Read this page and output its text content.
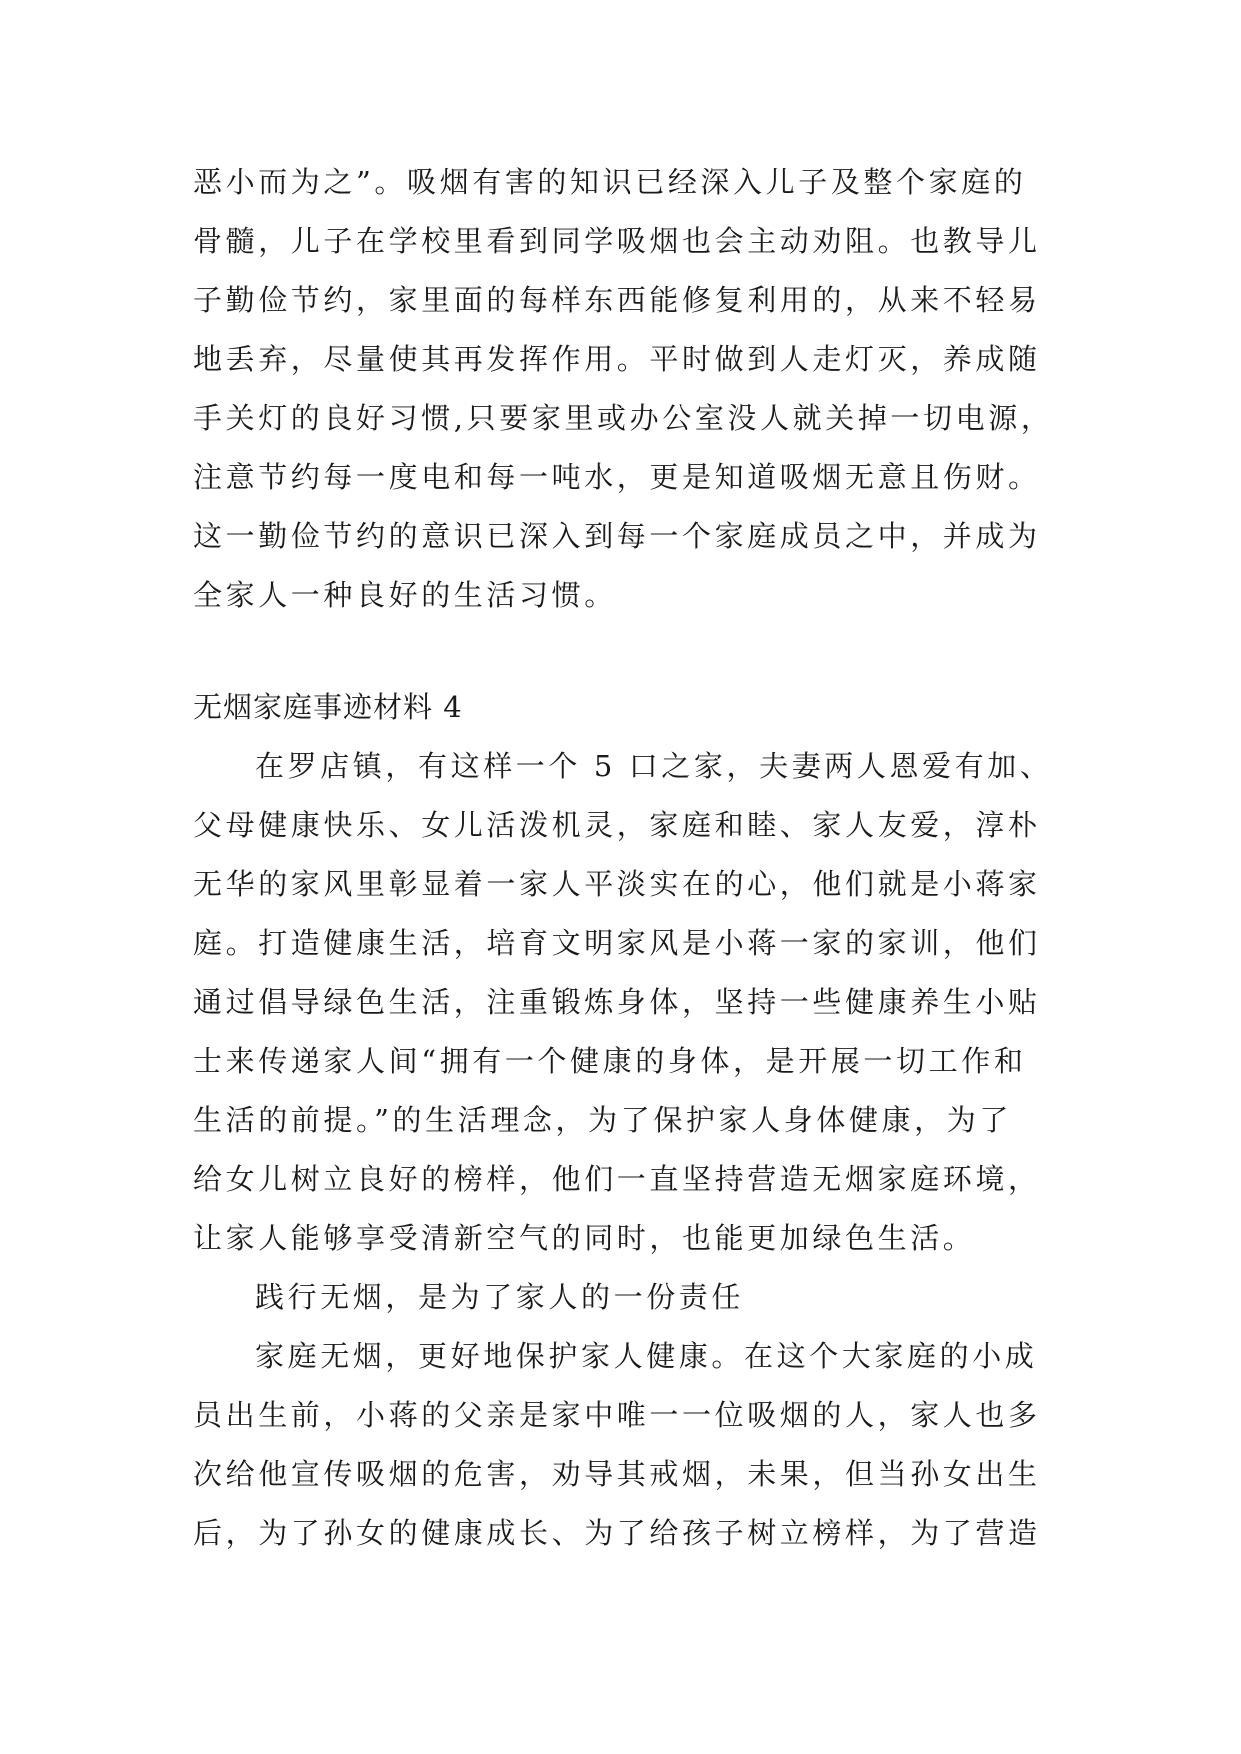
恶小而为之”。吸烟有害的知识已经深入儿子及整个家庭的
骨髓，儿子在学校里看到同学吸烟也会主动劝阻。也教导儿
子勤俭节约，家里面的每样东西能修复利用的，从来不轻易
地丢弃，尽量使其再发挥作用。平时做到人走灯灭，养成随
手关灯的良好习惯,只要家里或办公室没人就关掉一切电源，
注意节约每一度电和每一吨水，更是知道吸烟无意且伤财。
这一勤俭节约的意识已深入到每一个家庭成员之中，并成为
全家人一种良好的生活习惯。
无烟家庭事迹材料 4
在罗店镇，有这样一个 5 口之家，夫妻两人恩爱有加、
父母健康快乐、女儿活泼机灵，家庭和睦、家人友爱，淳朴
无华的家风里彰显着一家人平淡实在的心，他们就是小蒋家
庭。打造健康生活，培育文明家风是小蒋一家的家训，他们
通过倡导绿色生活，注重锻炼身体，坚持一些健康养生小贴
士来传递家人间“拥有一个健康的身体，是开展一切工作和
生活的前提。”的生活理念，为了保护家人身体健康，为了
给女儿树立良好的榜样，他们一直坚持营造无烟家庭环境，
让家人能够享受清新空气的同时，也能更加绿色生活。
践行无烟，是为了家人的一份责任
家庭无烟，更好地保护家人健康。在这个大家庭的小成
员出生前，小蒋的父亲是家中唯一一位吸烟的人，家人也多
次给他宣传吸烟的危害，劝导其戒烟，未果，但当孙女出生
后，为了孙女的健康成长、为了给孩子树立榜样，为了营造
